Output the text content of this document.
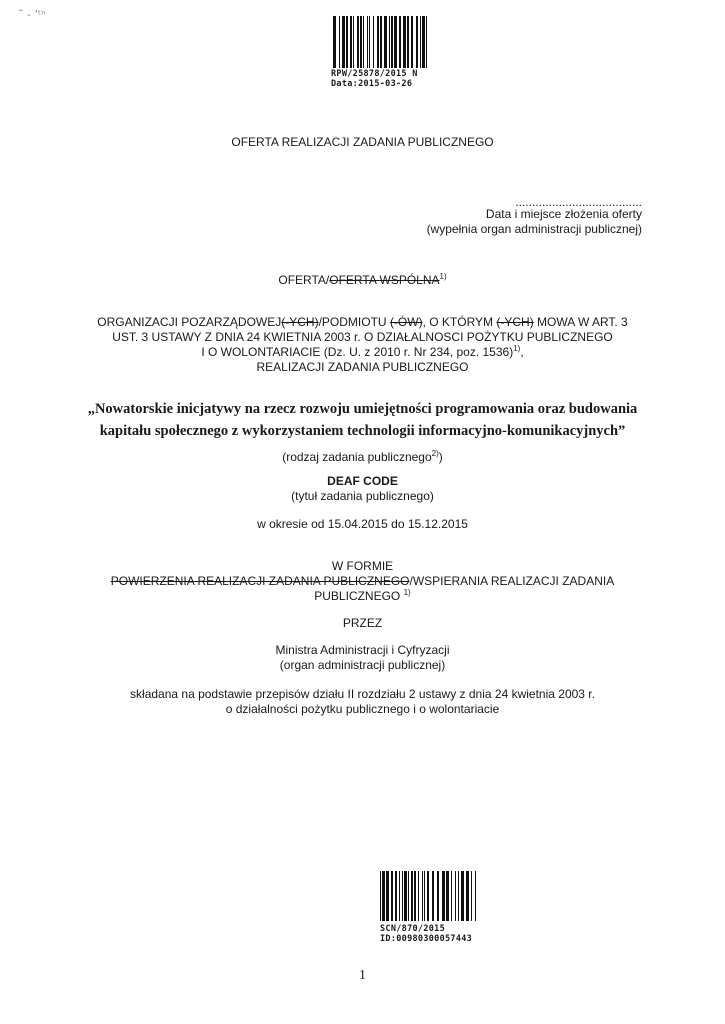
˜ - ’ᵗⁿ
RPW/25878/2015 N
Data:2015-03-26
OFERTA REALIZACJI ZADANIA PUBLICZNEGO
......................................
Data i miejsce złożenia oferty
(wypełnia organ administracji publicznej)
OFERTA/OFERTA WSPÓLNA$^{1)}$
ORGANIZACJI POZARZĄDOWEJ(-YCH)/PODMIOTU (-ÓW), O KTÓRYM (-YCH) MOWA W ART. 3
UST. 3 USTAWY Z DNIA 24 KWIETNIA 2003 r. O DZIAŁALNOSCI POŻYTKU PUBLICZNEGO
I O WOLONTARIACIE (Dz. U. z 2010 r. Nr 234, poz. 1536)$^{1)}$,
REALIZACJI ZADANIA PUBLICZNEGO
„Nowatorskie inicjatywy na rzecz rozwoju umiejętności programowania oraz budowania
kapitału społecznego z wykorzystaniem technologii informacyjno-komunikacyjnych”
(rodzaj zadania publicznego$^{2)}$)
DEAF CODE
(tytuł zadania publicznego)
w okresie od 15.04.2015 do 15.12.2015
W FORMIE
POWIERZENIA REALIZACJI ZADANIA PUBLICZNEGO/WSPIERANIA REALIZACJI ZADANIA
PUBLICZNEGO $^{1)}$
PRZEZ
Ministra Administracji i Cyfryzacji
(organ administracji publicznej)
składana na podstawie przepisów działu II rozdziału 2 ustawy z dnia 24 kwietnia 2003 r.
o działalności pożytku publicznego i o wolontariacie
SCN/870/2015
ID:00980300057443
1
